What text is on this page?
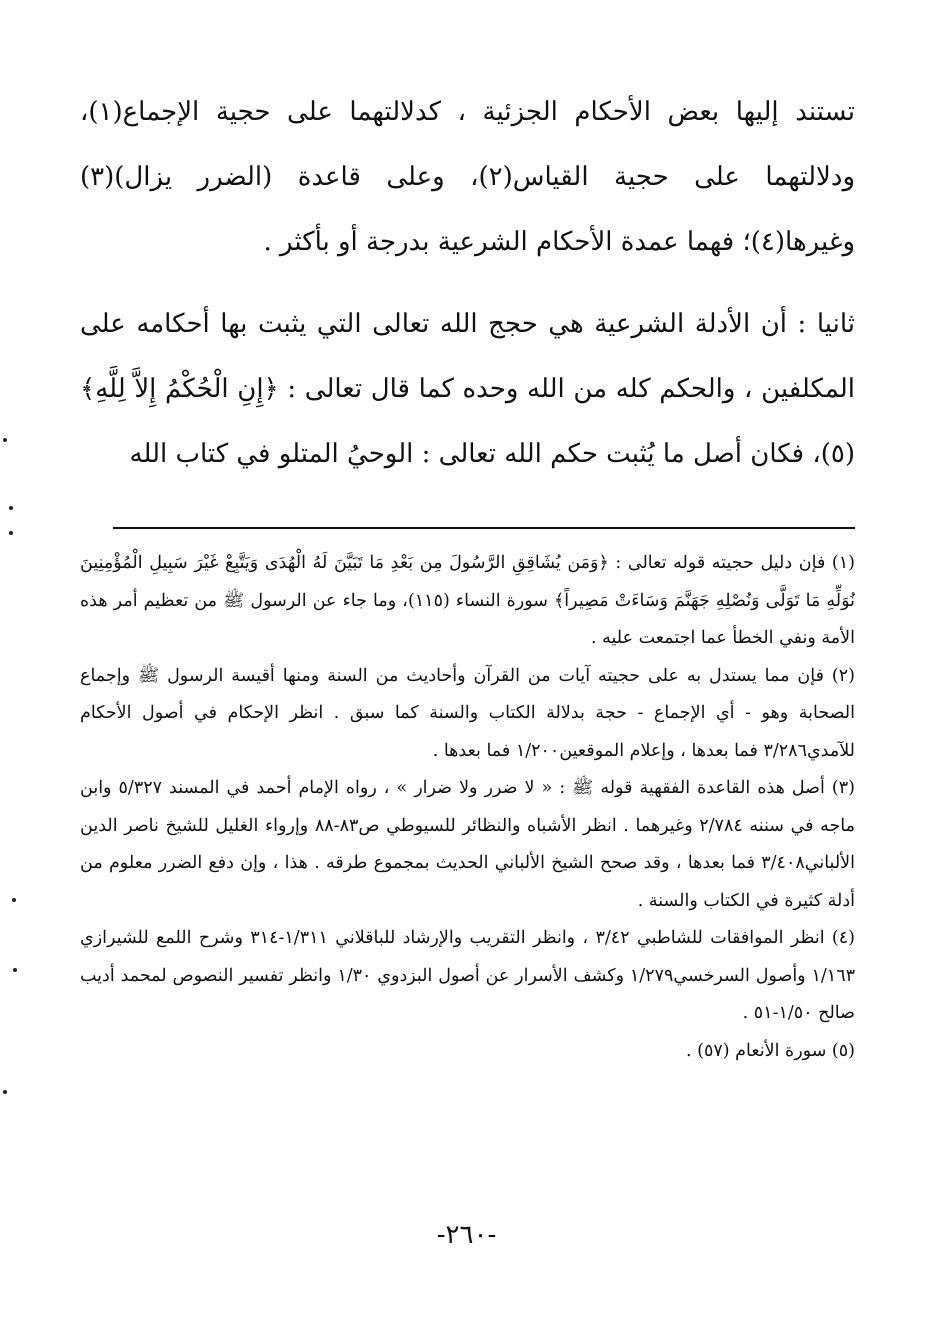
تستند إليها بعض الأحكام الجزئية ، كدلالتهما على حجية الإجماع(١)، ودلالتهما على حجية القياس(٢)، وعلى قاعدة (الضرر يزال)(٣) وغيرها(٤)؛ فهما عمدة الأحكام الشرعية بدرجة أو بأكثر .

ثانيا : أن الأدلة الشرعية هي حجج الله تعالى التي يثبت بها أحكامه على المكلفين ، والحكم كله من الله وحده كما قال تعالى : ﴿إِنِ الْحُكْمُ إِلاَّ لِلَّهِ﴾(٥)، فكان أصل ما يُثبت حكم الله تعالى : الوحيُ المتلو في كتاب الله

(١) فإن دليل حجيته قوله تعالى : ﴿وَمَن يُشَاقِقِ الرَّسُولَ مِن بَعْدِ مَا تَبَيَّنَ لَهُ الْهُدَى وَيَتَّبِعْ غَيْرَ سَبِيلِ الْمُؤْمِنِينَ نُوَلِّهِ مَا تَوَلَّى وَنُصْلِهِ جَهَنَّمَ وَسَاءَتْ مَصِيراً﴾ سورة النساء (١١٥)، وما جاء عن الرسول ﷺ من تعظيم أمر هذه الأمة ونفي الخطأ عما اجتمعت عليه .

(٢) فإن مما يستدل به على حجيته آيات من القرآن وأحاديث من السنة ومنها أقيسة الرسول ﷺ وإجماع الصحابة وهو - أي الإجماع - حجة بدلالة الكتاب والسنة كما سبق . انظر الإحكام في أصول الأحكام للآمدي٣/٢٨٦ فما بعدها ، وإعلام الموقعين١/٢٠٠ فما بعدها .

(٣) أصل هذه القاعدة الفقهية قوله ﷺ : « لا ضرر ولا ضرار » ، رواه الإمام أحمد في المسند ٥/٣٢٧ وابن ماجه في سننه ٢/٧٨٤ وغيرهما . انظر الأشباه والنظائر للسيوطي ص٨٣-٨٨ وإرواء الغليل للشيخ ناصر الدين الألباني٣/٤٠٨ فما بعدها ، وقد صحح الشيخ الألباني الحديث بمجموع طرقه . هذا ، وإن دفع الضرر معلوم من أدلة كثيرة في الكتاب والسنة .

(٤) انظر الموافقات للشاطبي ٣/٤٢ ، وانظر التقريب والإرشاد للباقلاني ١/٣١١-٣١٤ وشرح اللمع للشيرازي ١/١٦٣ وأصول السرخسي١/٢٧٩ وكشف الأسرار عن أصول البزدوي ١/٣٠ وانظر تفسير النصوص لمحمد أديب صالح ١/٥٠-٥١ .

(٥) سورة الأنعام (٥٧) .

-٢٦٠-
